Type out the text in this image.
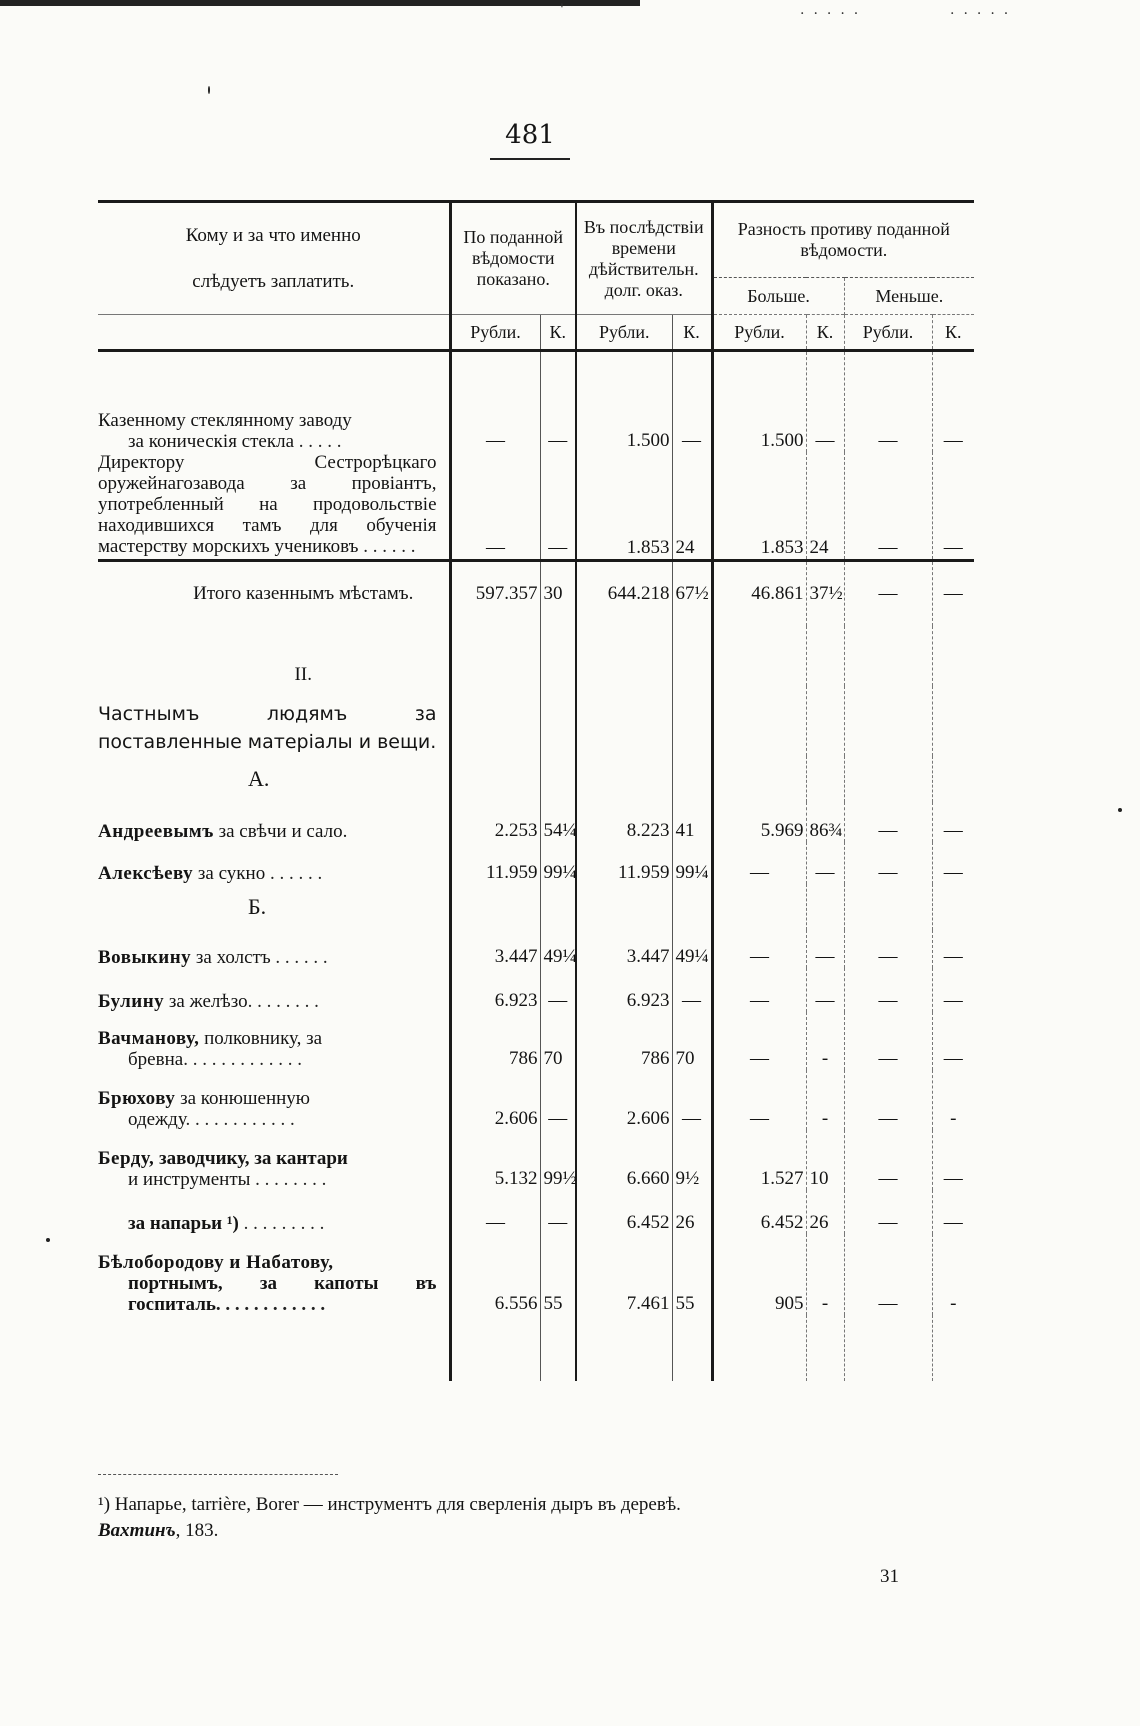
'	.....	.....
481
Кому и за что именно
слѣдуетъ заплатить.	По поданной вѣдомости показано.		Въ послѣдствіи времени дѣйствительн. долг. оказ.		Разность противу поданной вѣдомости.			
					Больше.		Меньше.	
	Рубли.	К.	Рубли.	К.	Рубли.	К.	Рубли.	К.

Казенному стеклянному заводу
за коническія стекла . . . . .	—	—	1.500	—	1.500	—	—	—
Директору Сестрорѣцкаго оружейнагозавода за провіантъ, употребленный на продовольствіе находившихся тамъ для обученія мастерству морскихъ учениковъ . . . . . .	—	—	1.853	24	1.853	24	—	—
Итого казеннымъ мѣстамъ.	597.357	30	644.218	67½	46.861	37½	—	—
II.								
Частнымъ людямъ за поставленные матеріалы и вещи.								
А.								
Андреевымъ за свѣчи и сало.	2.253	54¼	8.223	41	5.969	86¾	—	—
Алексѣеву за сукно . . . . . .	11.959	99¼	11.959	99¼	—	—	—	—
Б.								
Вовыкину за холстъ . . . . . .	3.447	49¼	3.447	49¼	—	—	—	—
Булину за желѣзо. . . . . . . .	6.923	—	6.923	—	—	—	—	—

Вачманову, полковнику, за
бревна. . . . . . . . . . . . .	786	70	786	70	—	-	—	—

Брюхову за конюшенную
одежду. . . . . . . . . . . .	2.606	—	2.606	—	—	-	—	-

Берду, заводчику, за кантари
и инструменты . . . . . . . .	5.132	99½	6.660	9½	1.527	10	—	—
за напарьи ¹) . . . . . . . . .	—	—	6.452	26	6.452	26	—	—

Бѣлобородову и Набатову,
портнымъ, за капоты въ госпиталь. . . . . . . . . . . .	6.556	55	7.461	55	905	-	—	-

¹) Напарье, tarrière, Borer — инструментъ для сверленія дыръ въ деревѣ.
Вахтинъ, 183.
31
